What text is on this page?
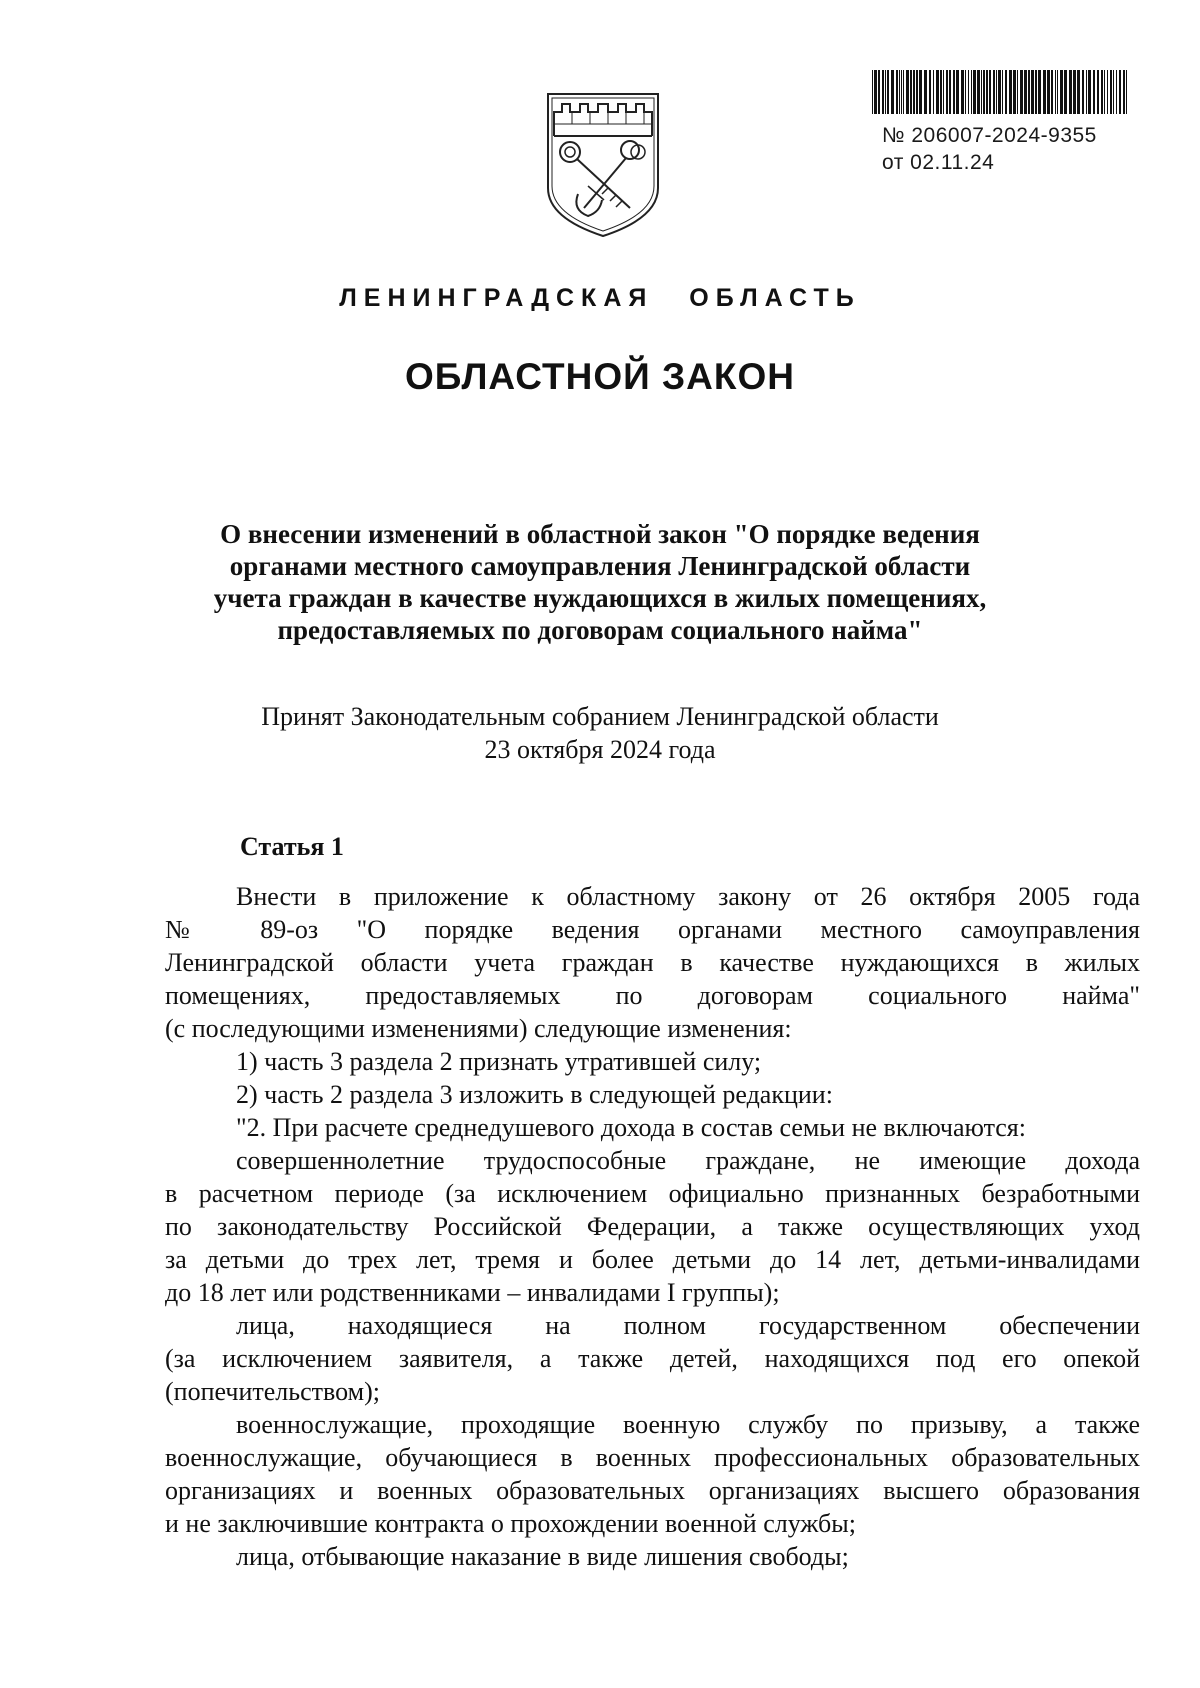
№ 206007-2024-9355
от 02.11.24
ЛЕНИНГРАДСКАЯ ОБЛАСТЬ
ОБЛАСТНОЙ ЗАКОН
О внесении изменений в областной закон "О порядке ведения
органами местного самоуправления Ленинградской области
учета граждан в качестве нуждающихся в жилых помещениях,
предоставляемых по договорам социального найма"
Принят Законодательным собранием Ленинградской области
23 октября 2024 года
Статья 1
Внести в приложение к областному закону от 26 октября 2005 года
№ 89-оз "О порядке ведения органами местного самоуправления
Ленинградской области учета граждан в качестве нуждающихся в жилых
помещениях, предоставляемых по договорам социального найма"
(с последующими изменениями) следующие изменения:
1) часть 3 раздела 2 признать утратившей силу;
2) часть 2 раздела 3 изложить в следующей редакции:
"2. При расчете среднедушевого дохода в состав семьи не включаются:
совершеннолетние трудоспособные граждане, не имеющие дохода
в расчетном периоде (за исключением официально признанных безработными
по законодательству Российской Федерации, а также осуществляющих уход
за детьми до трех лет, тремя и более детьми до 14 лет, детьми-инвалидами
до 18 лет или родственниками – инвалидами I группы);
лица, находящиеся на полном государственном обеспечении
(за исключением заявителя, а также детей, находящихся под его опекой
(попечительством);
военнослужащие, проходящие военную службу по призыву, а также
военнослужащие, обучающиеся в военных профессиональных образовательных
организациях и военных образовательных организациях высшего образования
и не заключившие контракта о прохождении военной службы;
лица, отбывающие наказание в виде лишения свободы;
